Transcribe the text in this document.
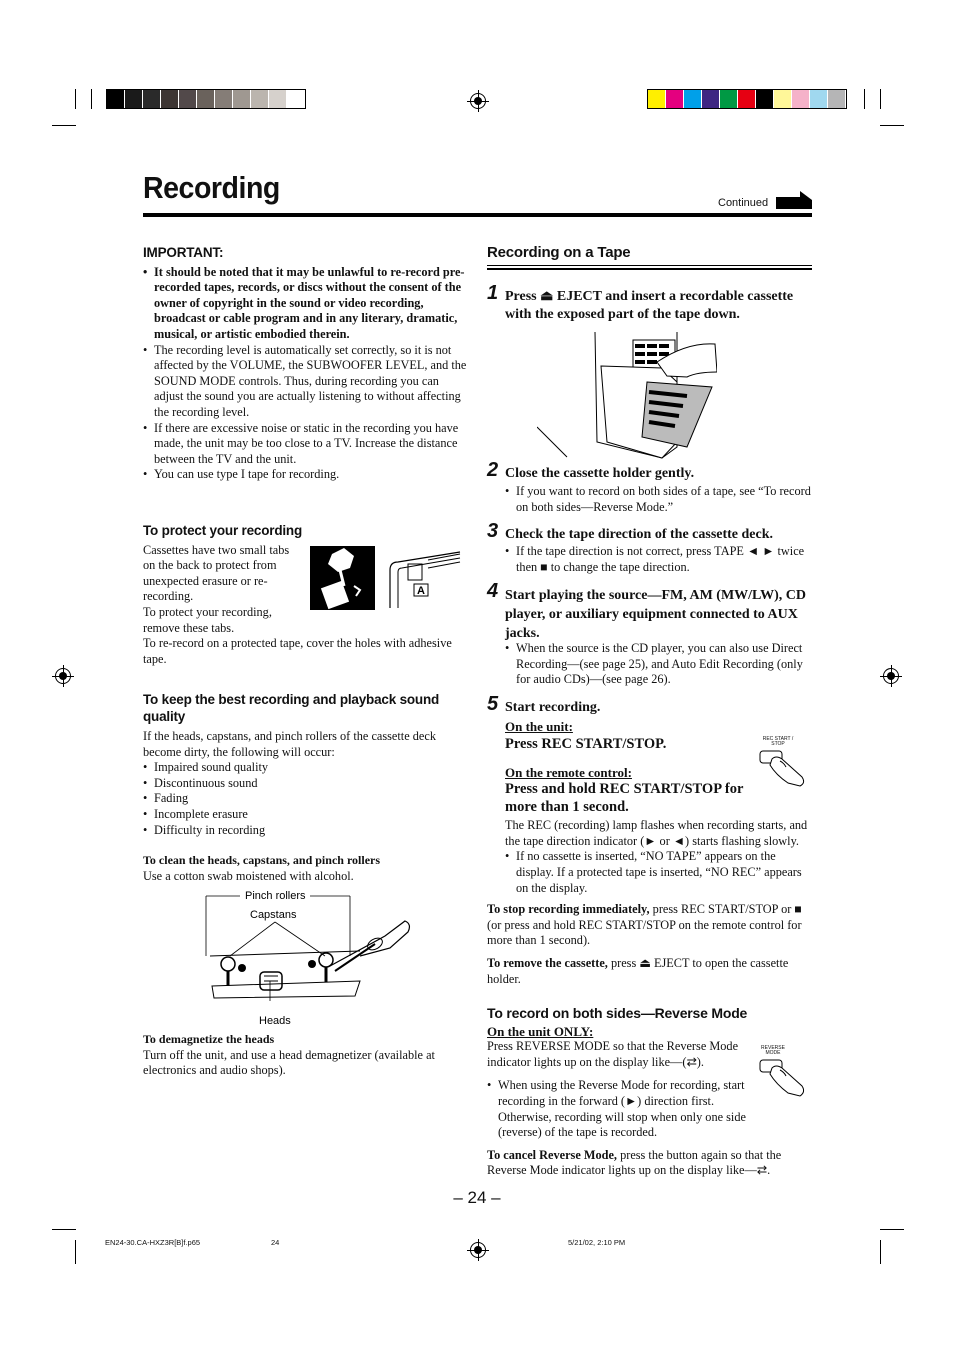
Recording	Continued
IMPORTANT:
• It should be noted that it may be unlawful to re-record pre-recorded tapes, records, or discs without the consent of the owner of copyright in the sound or video recording, broadcast or cable program and in any literary, dramatic, musical, or artistic embodied therein.
• The recording level is automatically set correctly, so it is not affected by the VOLUME, the SUBWOOFER LEVEL, and the SOUND MODE controls. Thus, during recording you can adjust the sound you are actually listening to without affecting the recording level.
• If there are excessive noise or static in the recording you have made, the unit may be too close to a TV. Increase the distance between the TV and the unit.
• You can use type I tape for recording.
To protect your recording
Cassettes have two small tabs on the back to protect from unexpected erasure or re-recording.
To protect your recording, remove these tabs.
To re-record on a protected tape, cover the holes with adhesive tape.
A
To keep the best recording and playback sound quality
If the heads, capstans, and pinch rollers of the cassette deck become dirty, the following will occur:
• Impaired sound quality
• Discontinuous sound
• Fading
• Incomplete erasure
• Difficulty in recording
To clean the heads, capstans, and pinch rollers
Use a cotton swab moistened with alcohol.
Pinch rollers
Capstans
Heads
To demagnetize the heads
Turn off the unit, and use a head demagnetizer (available at electronics and audio shops).
Recording on a Tape
1 Press ⏏ EJECT and insert a recordable cassette with the exposed part of the tape down.
2 Close the cassette holder gently.
• If you want to record on both sides of a tape, see “To record on both sides—Reverse Mode.”
3 Check the tape direction of the cassette deck.
• If the tape direction is not correct, press TAPE ◄ ► twice then ■ to change the tape direction.
4 Start playing the source—FM, AM (MW/LW), CD player, or auxiliary equipment connected to AUX jacks.
• When the source is the CD player, you can also use Direct Recording—(see page 25), and Auto Edit Recording (only for audio CDs)—(see page 26).
5 Start recording.
On the unit:
Press REC START/STOP.
On the remote control:
Press and hold REC START/STOP for more than 1 second.
The REC (recording) lamp flashes when recording starts, and the tape direction indicator (► or ◄) starts flashing slowly.
• If no cassette is inserted, “NO TAPE” appears on the display. If a protected tape is inserted, “NO REC” appears on the display.
REC START / STOP
To stop recording immediately, press REC START/STOP or ■ (or press and hold REC START/STOP on the remote control for more than 1 second).
To remove the cassette, press ⏏ EJECT to open the cassette holder.
To record on both sides—Reverse Mode
On the unit ONLY:
Press REVERSE MODE so that the Reverse Mode indicator lights up on the display like—(⇄).
• When using the Reverse Mode for recording, start recording in the forward (►) direction first. Otherwise, recording will stop when only one side (reverse) of the tape is recorded.
To cancel Reverse Mode, press the button again so that the Reverse Mode indicator lights up on the display like—⇄.
REVERSE MODE
– 24 –
EN24-30.CA-HXZ3R[B]f.p65	24	5/21/02, 2:10 PM
